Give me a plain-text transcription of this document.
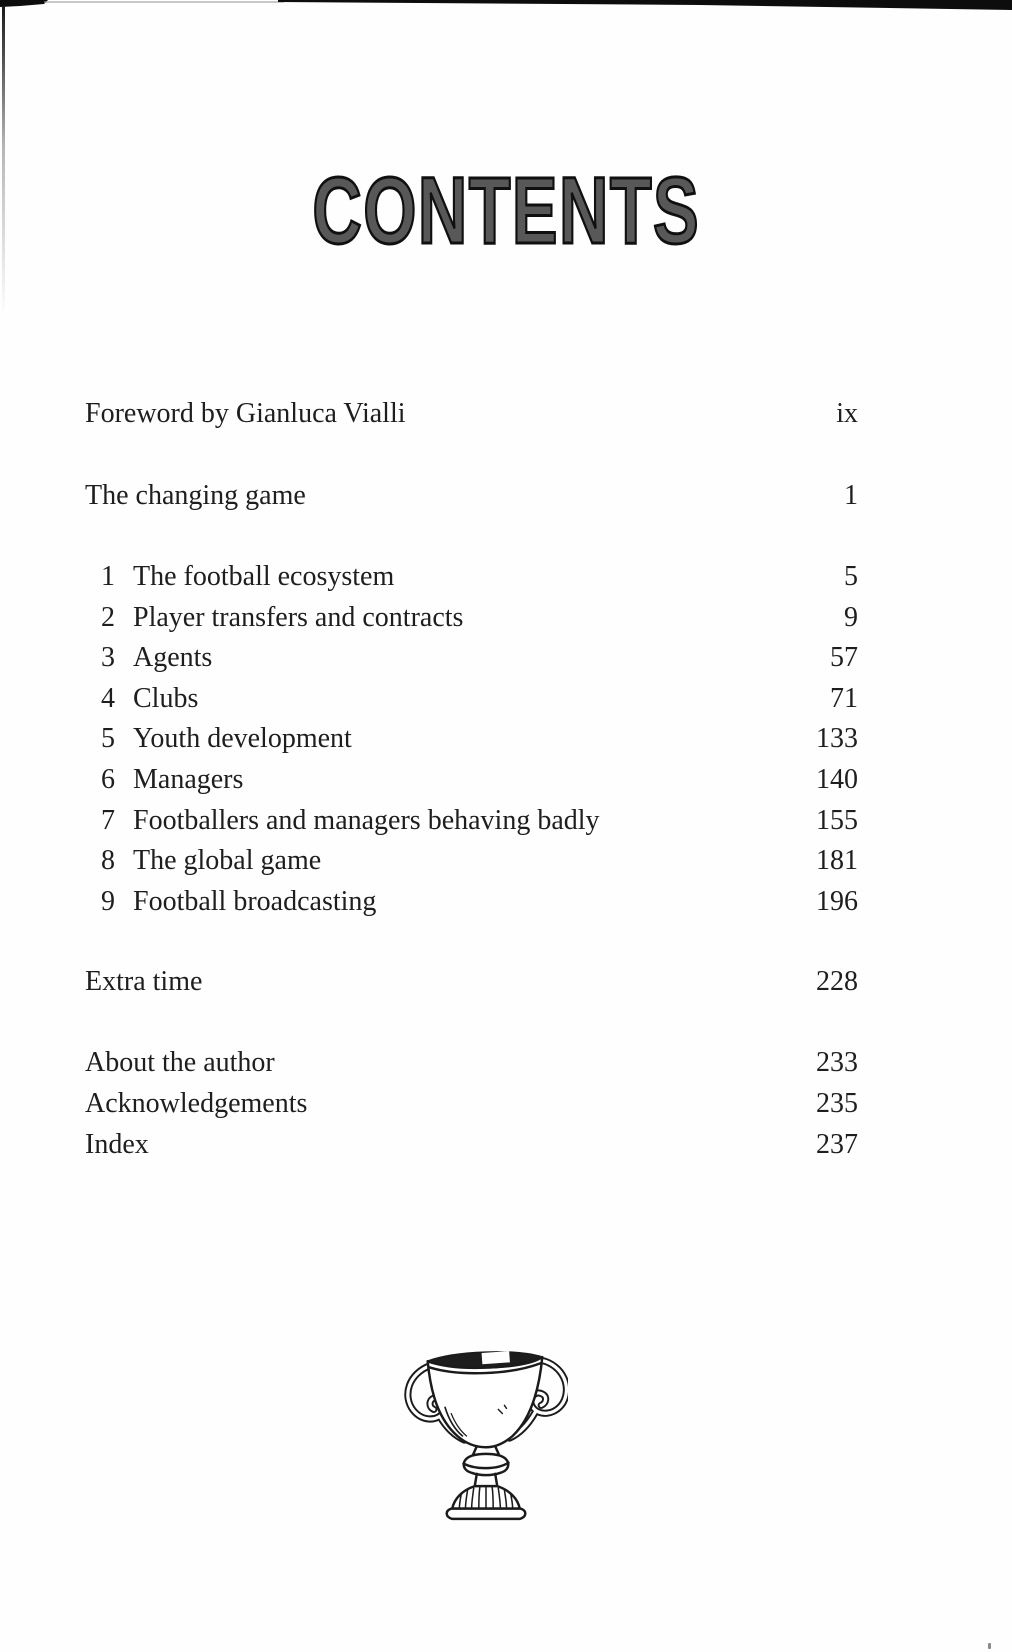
CONTENTS
Foreword by Gianluca Vialli	ix
The changing game	1
1 The football ecosystem	5
2 Player transfers and contracts	9
3 Agents	57
4 Clubs	71
5 Youth development	133
6 Managers	140
7 Footballers and managers behaving badly	155
8 The global game	181
9 Football broadcasting	196
Extra time	228
About the author	233
Acknowledgements	235
Index	237
